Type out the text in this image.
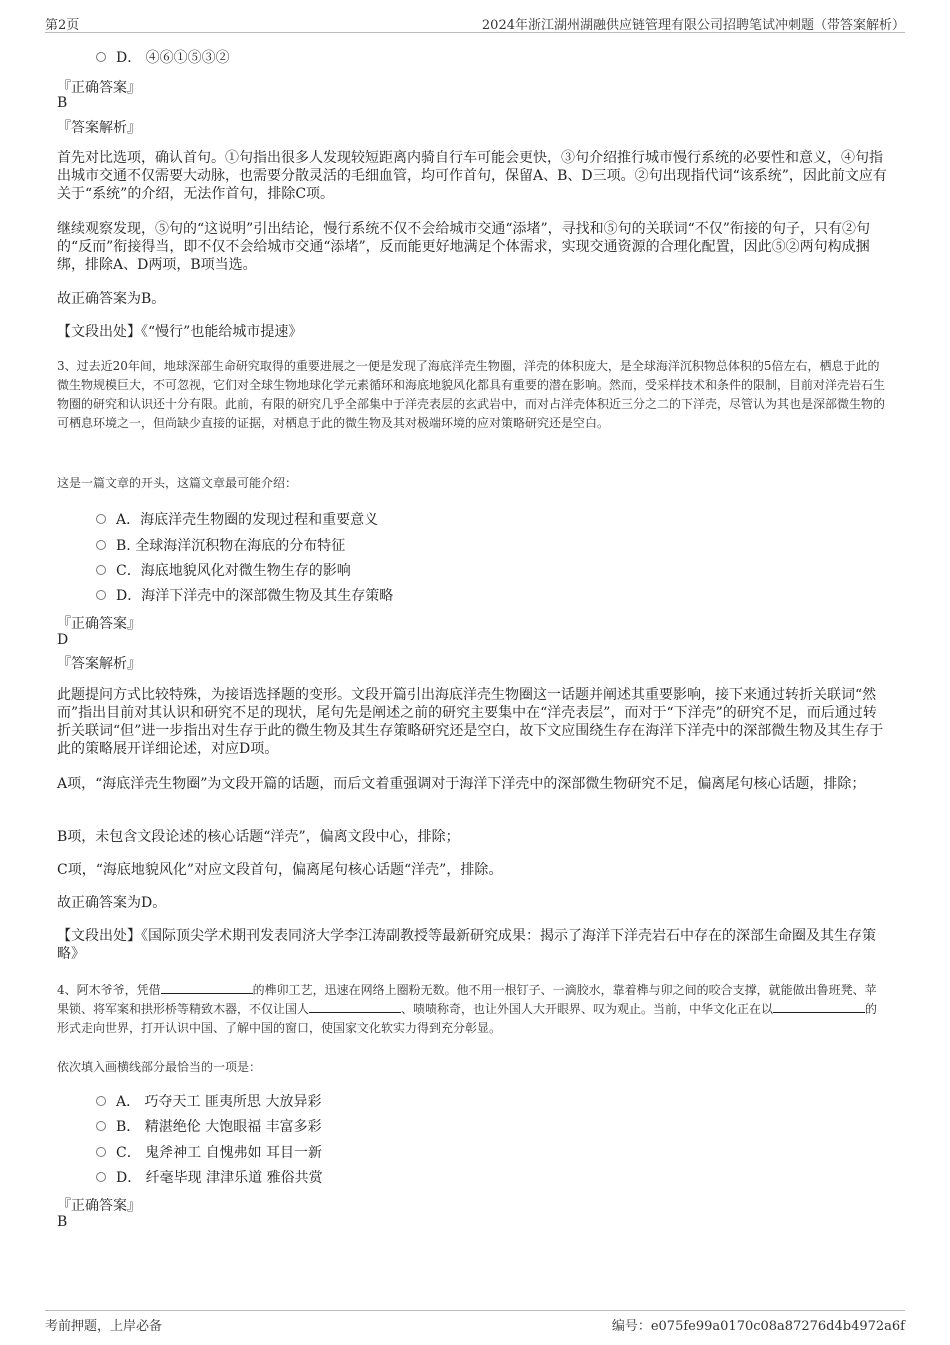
第2页	2024年浙江湖州湖融供应链管理有限公司招聘笔试冲刺题（带答案解析）
D． ④⑥①⑤③②
『正确答案』
B
『答案解析』
首先对比选项，确认首句。①句指出很多人发现较短距离内骑自行车可能会更快，③句介绍推行城市慢行系统的必要性和意义，④句指出城市交通不仅需要大动脉，也需要分散灵活的毛细血管，均可作首句，保留A、B、D三项。②句出现指代词“该系统”，因此前文应有关于“系统”的介绍，无法作首句，排除C项。
继续观察发现，⑤句的“这说明”引出结论，慢行系统不仅不会给城市交通“添堵”，寻找和⑤句的关联词“不仅”衔接的句子，只有②句的“反而”衔接得当，即不仅不会给城市交通“添堵”，反而能更好地满足个体需求，实现交通资源的合理化配置，因此⑤②两句构成捆绑，排除A、D两项，B项当选。
故正确答案为B。
【文段出处】《“慢行”也能给城市提速》
3、过去近20年间，地球深部生命研究取得的重要进展之一便是发现了海底洋壳生物圈，洋壳的体积庞大，是全球海洋沉积物总体积的5倍左右，栖息于此的微生物规模巨大，不可忽视，它们对全球生物地球化学元素循环和海底地貌风化都具有重要的潜在影响。然而，受采样技术和条件的限制，目前对洋壳岩石生物圈的研究和认识还十分有限。此前，有限的研究几乎全部集中于洋壳表层的玄武岩中，而对占洋壳体积近三分之二的下洋壳，尽管认为其也是深部微生物的可栖息环境之一，但尚缺少直接的证据，对栖息于此的微生物及其对极端环境的应对策略研究还是空白。
这是一篇文章的开头，这篇文章最可能介绍：
A．海底洋壳生物圈的发现过程和重要意义
B. 全球海洋沉积物在海底的分布特征
C．海底地貌风化对微生物生存的影响
D．海洋下洋壳中的深部微生物及其生存策略
『正确答案』
D
『答案解析』
此题提问方式比较特殊，为接语选择题的变形。文段开篇引出海底洋壳生物圈这一话题并阐述其重要影响，接下来通过转折关联词“然而”指出目前对其认识和研究不足的现状，尾句先是阐述之前的研究主要集中在“洋壳表层”，而对于“下洋壳”的研究不足，而后通过转折关联词“但”进一步指出对生存于此的微生物及其生存策略研究还是空白，故下文应围绕生存在海洋下洋壳中的深部微生物及其生存于此的策略展开详细论述，对应D项。
A项，“海底洋壳生物圈”为文段开篇的话题，而后文着重强调对于海洋下洋壳中的深部微生物研究不足，偏离尾句核心话题，排除；
B项，未包含文段论述的核心话题“洋壳”，偏离文段中心，排除；
C项，“海底地貌风化”对应文段首句，偏离尾句核心话题“洋壳”，排除。
故正确答案为D。
【文段出处】《国际顶尖学术期刊发表同济大学李江涛副教授等最新研究成果：揭示了海洋下洋壳岩石中存在的深部生命圈及其生存策略》
4、阿木爷爷，凭借	的榫卯工艺，迅速在网络上圈粉无数。他不用一根钉子、一滴胶水，靠着榫与卯之间的咬合支撑，就能做出鲁班凳、苹果锁、将军案和拱形桥等精致木器，不仅让国人	、啧啧称奇，也让外国人大开眼界、叹为观止。当前，中华文化正在以	的形式走向世界，打开认识中国、了解中国的窗口，使国家文化软实力得到充分彰显。
依次填入画横线部分最恰当的一项是：
A． 巧夺天工 匪夷所思 大放异彩
B． 精湛绝伦 大饱眼福 丰富多彩
C． 鬼斧神工 自愧弗如 耳目一新
D． 纤毫毕现 津津乐道 雅俗共赏
『正确答案』
B
考前押题，上岸必备	编号：e075fe99a0170c08a87276d4b4972a6f
